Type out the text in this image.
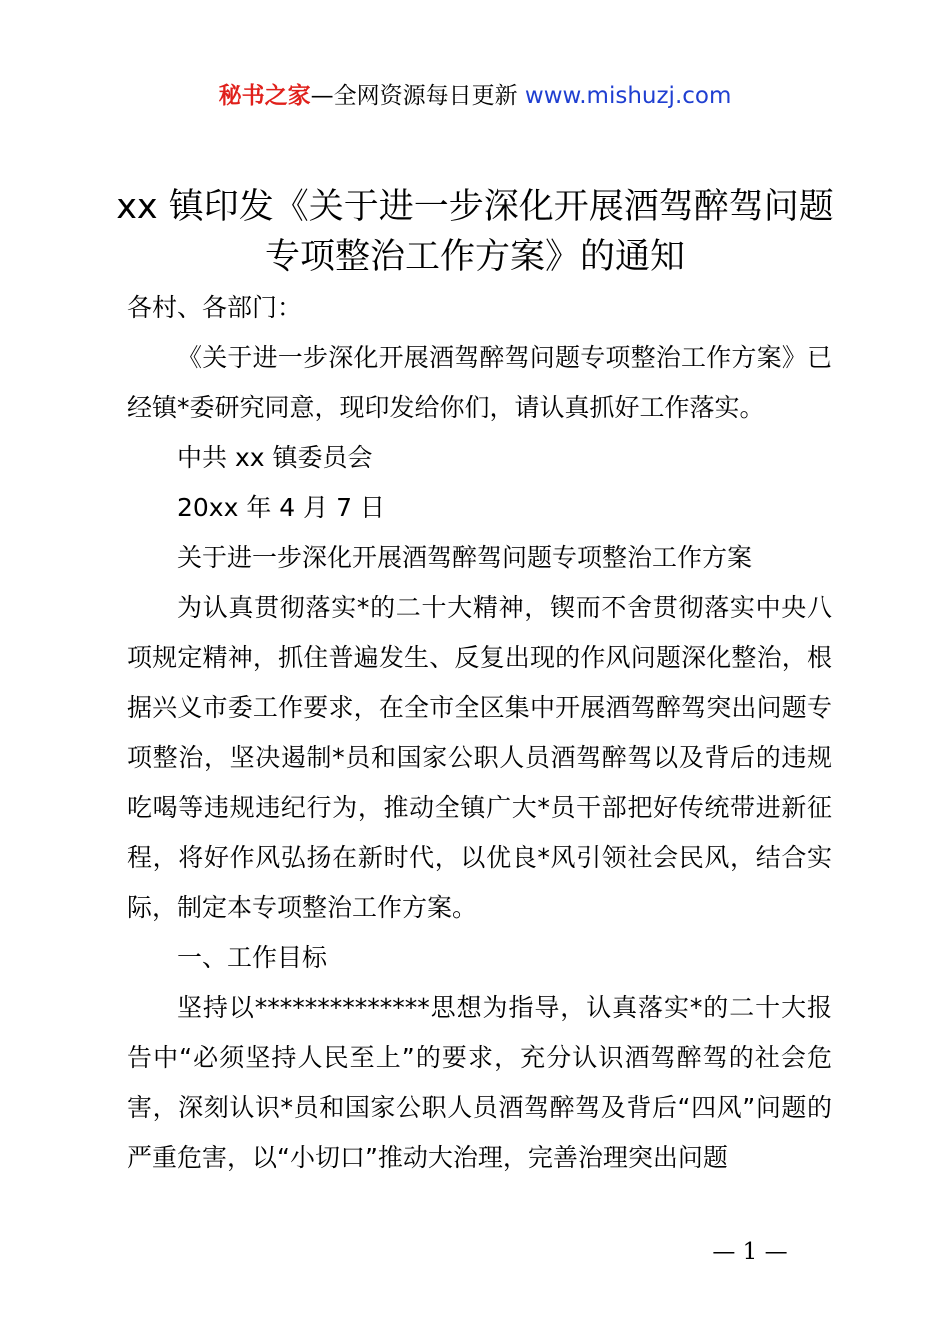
秘书之家—全网资源每日更新 www.mishuzj.com
xx 镇印发《关于进一步深化开展酒驾醉驾问题专项整治工作方案》的通知

各村、各部门：

《关于进一步深化开展酒驾醉驾问题专项整治工作方案》已经镇*委研究同意，现印发给你们，请认真抓好工作落实。

中共 xx 镇委员会

20xx 年 4 月 7 日

关于进一步深化开展酒驾醉驾问题专项整治工作方案

为认真贯彻落实*的二十大精神，锲而不舍贯彻落实中央八项规定精神，抓住普遍发生、反复出现的作风问题深化整治，根据兴义市委工作要求，在全市全区集中开展酒驾醉驾突出问题专项整治，坚决遏制*员和国家公职人员酒驾醉驾以及背后的违规吃喝等违规违纪行为，推动全镇广大*员干部把好传统带进新征程，将好作风弘扬在新时代，以优良*风引领社会民风，结合实际，制定本专项整治工作方案。

一、工作目标

坚持以**************思想为指导，认真落实*的二十大报告中“必须坚持人民至上”的要求，充分认识酒驾醉驾的社会危害，深刻认识*员和国家公职人员酒驾醉驾及背后“四风”问题的严重危害，以“小切口”推动大治理，完善治理突出问题

— 1 —
